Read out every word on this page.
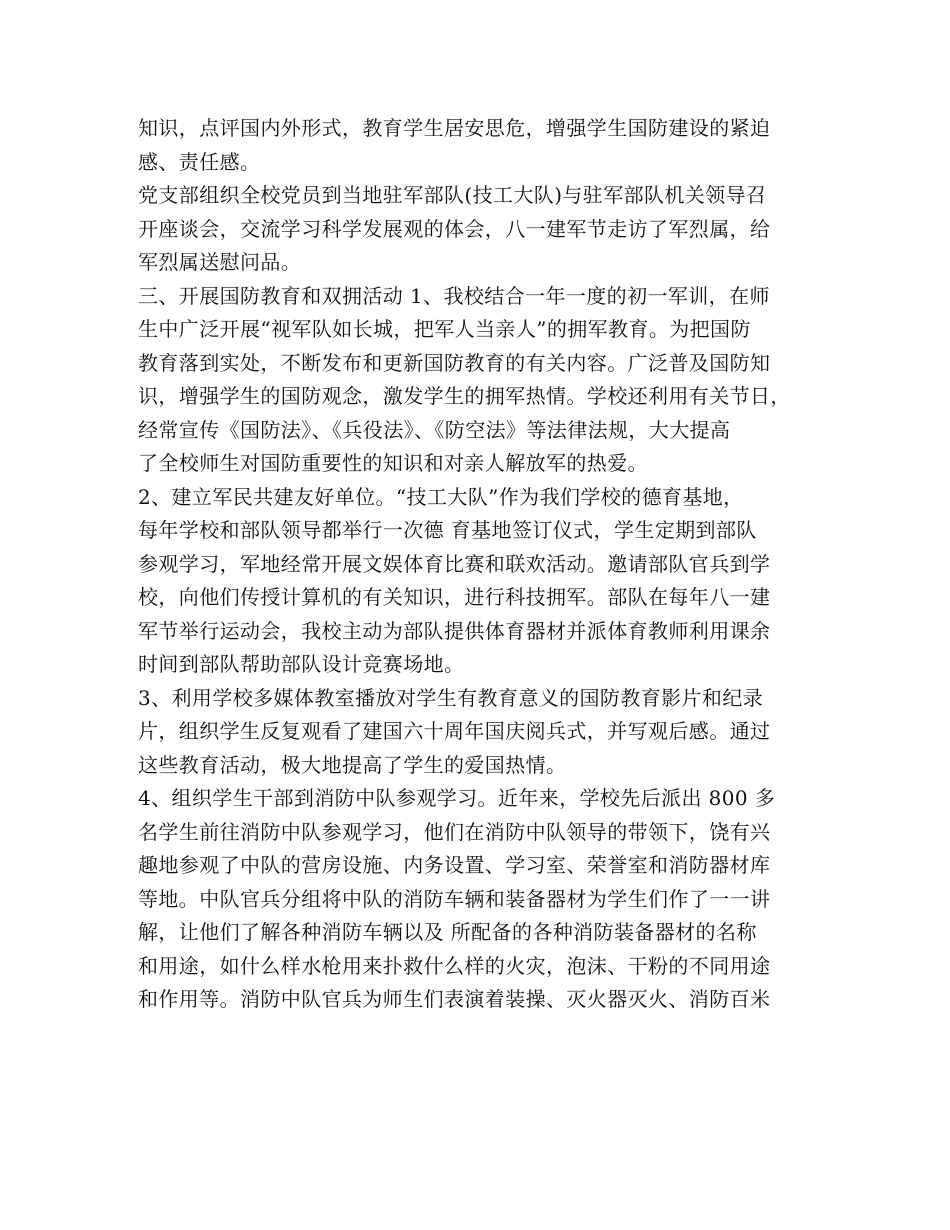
知识，点评国内外形式，教育学生居安思危，增强学生国防建设的紧迫
感、责任感。
党支部组织全校党员到当地驻军部队(技工大队)与驻军部队机关领导召
开座谈会，交流学习科学发展观的体会，八一建军节走访了军烈属，给
军烈属送慰问品。
三、开展国防教育和双拥活动 1、我校结合一年一度的初一军训，在师
生中广泛开展“视军队如长城，把军人当亲人”的拥军教育。为把国防
教育落到实处，不断发布和更新国防教育的有关内容。广泛普及国防知
识，增强学生的国防观念，激发学生的拥军热情。学校还利用有关节日，
经常宣传《国防法》、《兵役法》、《防空法》等法律法规，大大提高
了全校师生对国防重要性的知识和对亲人解放军的热爱。
2、建立军民共建友好单位。“技工大队”作为我们学校的德育基地，
每年学校和部队领导都举行一次德 育基地签订仪式，学生定期到部队
参观学习，军地经常开展文娱体育比赛和联欢活动。邀请部队官兵到学
校，向他们传授计算机的有关知识，进行科技拥军。部队在每年八一建
军节举行运动会，我校主动为部队提供体育器材并派体育教师利用课余
时间到部队帮助部队设计竞赛场地。
3、利用学校多媒体教室播放对学生有教育意义的国防教育影片和纪录
片，组织学生反复观看了建国六十周年国庆阅兵式，并写观后感。通过
这些教育活动，极大地提高了学生的爱国热情。
4、组织学生干部到消防中队参观学习。近年来，学校先后派出 800 多
名学生前往消防中队参观学习，他们在消防中队领导的带领下，饶有兴
趣地参观了中队的营房设施、内务设置、学习室、荣誉室和消防器材库
等地。中队官兵分组将中队的消防车辆和装备器材为学生们作了一一讲
解，让他们了解各种消防车辆以及 所配备的各种消防装备器材的名称
和用途，如什么样水枪用来扑救什么样的火灾，泡沫、干粉的不同用途
和作用等。消防中队官兵为师生们表演着装操、灭火器灭火、消防百米
